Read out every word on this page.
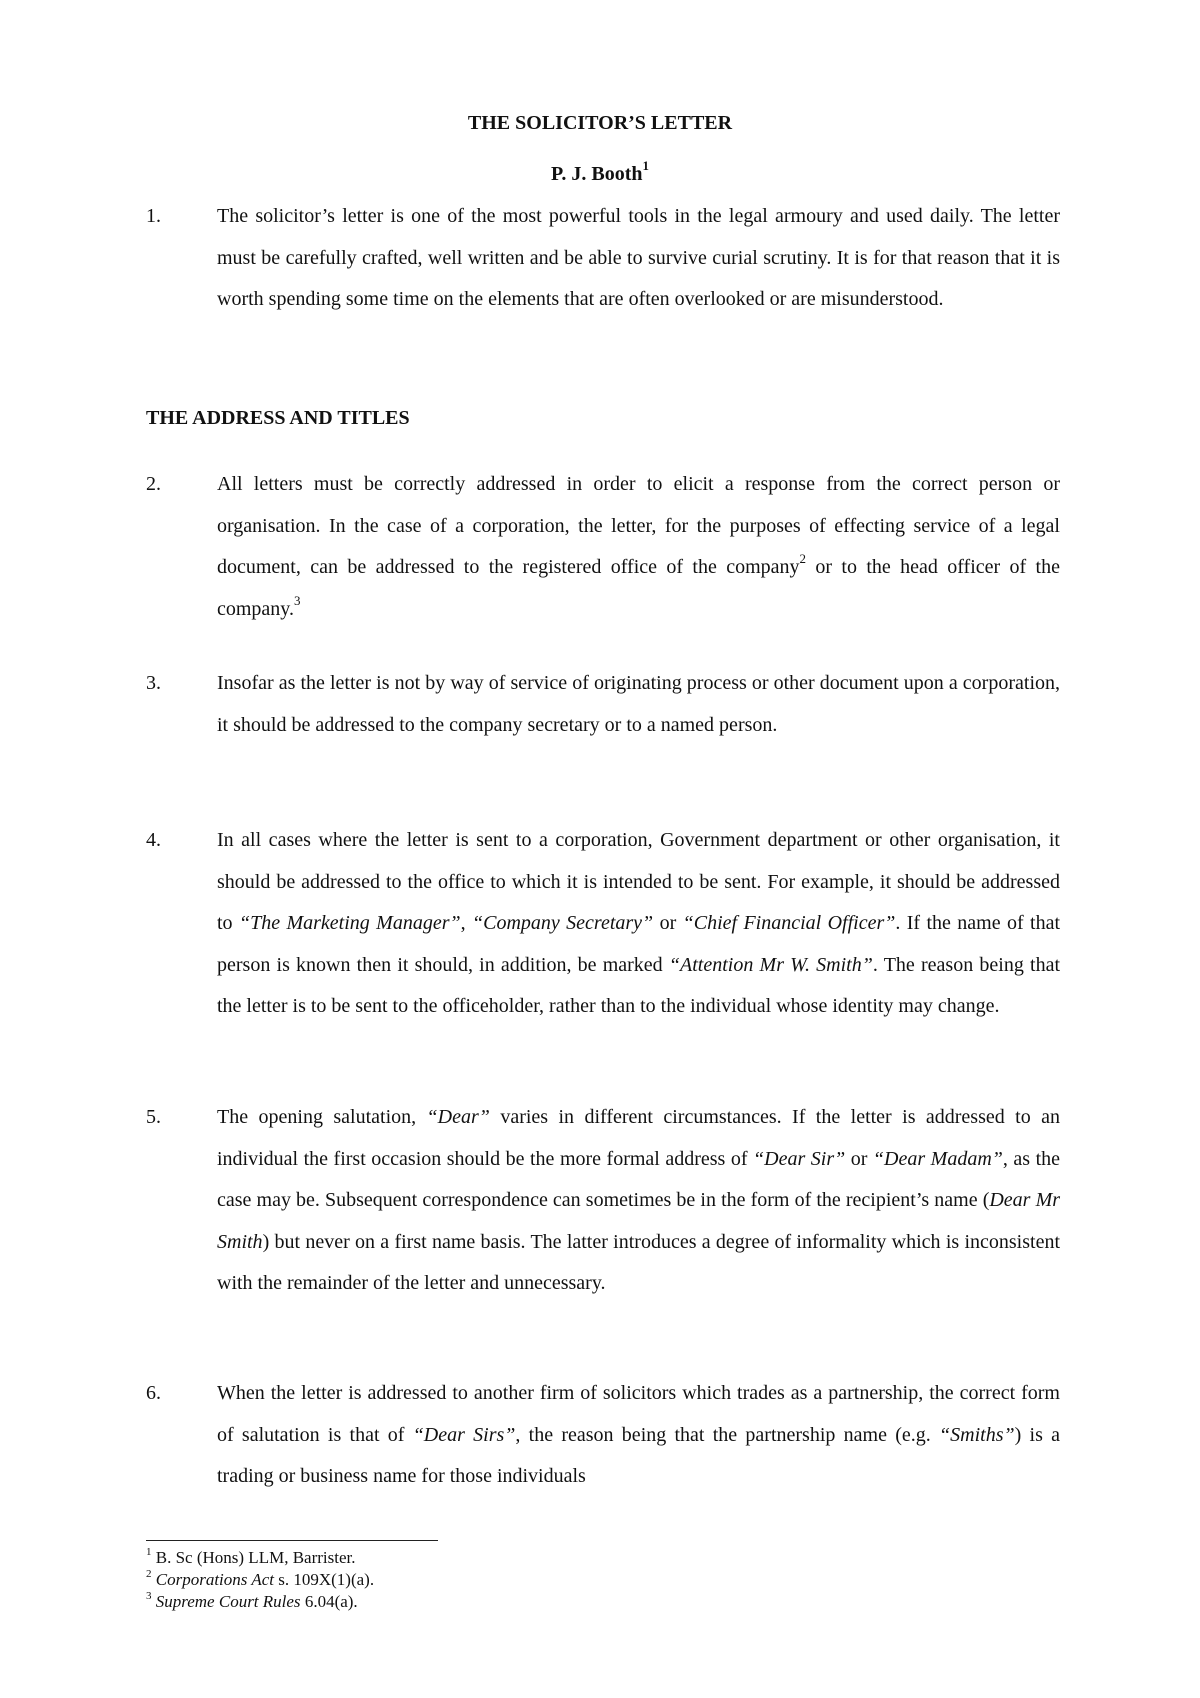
THE SOLICITOR’S LETTER
P. J. Booth$^1$
1.	The solicitor’s letter is one of the most powerful tools in the legal armoury and used daily. The letter must be carefully crafted, well written and be able to survive curial scrutiny. It is for that reason that it is worth spending some time on the elements that are often overlooked or are misunderstood.
THE ADDRESS AND TITLES
2.	All letters must be correctly addressed in order to elicit a response from the correct person or organisation. In the case of a corporation, the letter, for the purposes of effecting service of a legal document, can be addressed to the registered office of the company$^2$ or to the head officer of the company.$^3$
3.	Insofar as the letter is not by way of service of originating process or other document upon a corporation, it should be addressed to the company secretary or to a named person.
4.	In all cases where the letter is sent to a corporation, Government department or other organisation, it should be addressed to the office to which it is intended to be sent. For example, it should be addressed to “The Marketing Manager”, “Company Secretary” or “Chief Financial Officer”. If the name of that person is known then it should, in addition, be marked “Attention Mr W. Smith”. The reason being that the letter is to be sent to the officeholder, rather than to the individual whose identity may change.
5.	The opening salutation, “Dear” varies in different circumstances. If the letter is addressed to an individual the first occasion should be the more formal address of “Dear Sir” or “Dear Madam”, as the case may be. Subsequent correspondence can sometimes be in the form of the recipient’s name (Dear Mr Smith) but never on a first name basis. The latter introduces a degree of informality which is inconsistent with the remainder of the letter and unnecessary.
6.	When the letter is addressed to another firm of solicitors which trades as a partnership, the correct form of salutation is that of “Dear Sirs”, the reason being that the partnership name (e.g. “Smiths”) is a trading or business name for those individuals
$^1$ B. Sc (Hons) LLM, Barrister.
$^2$ Corporations Act s. 109X(1)(a).
$^3$ Supreme Court Rules 6.04(a).
